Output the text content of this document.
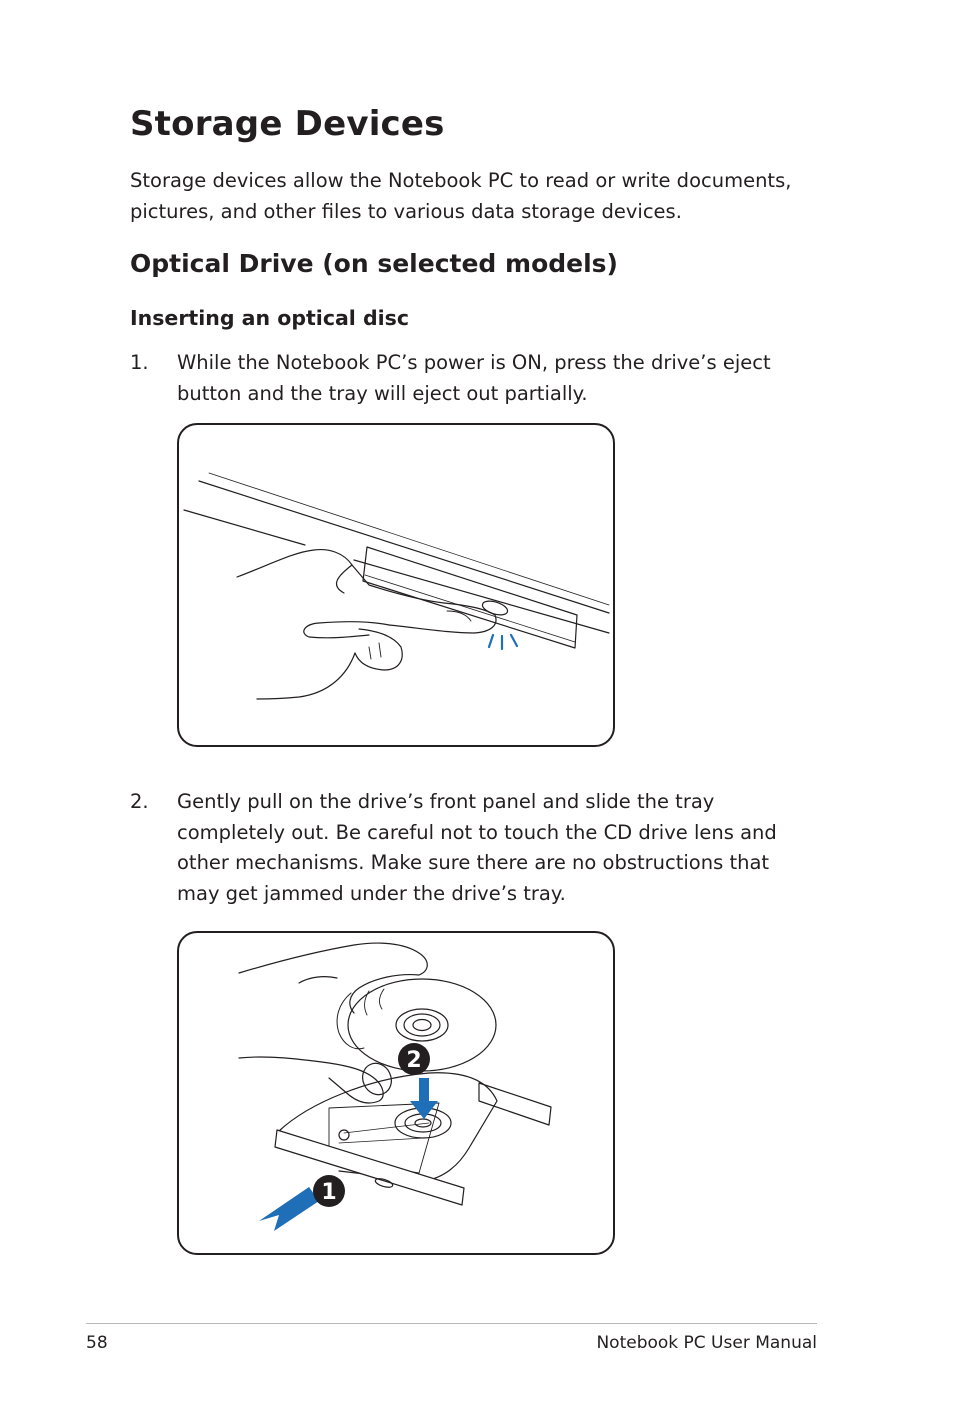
Storage Devices
Storage devices allow the Notebook PC to read or write documents,
pictures, and other files to various data storage devices.
Optical Drive (on selected models)
Inserting an optical disc
1. While the Notebook PC’s power is ON, press the drive’s eject
button and the tray will eject out partially.
2. Gently pull on the drive’s front panel and slide the tray
completely out. Be careful not to touch the CD drive lens and
other mechanisms. Make sure there are no obstructions that
may get jammed under the drive’s tray.
2
1
58	Notebook PC User Manual
